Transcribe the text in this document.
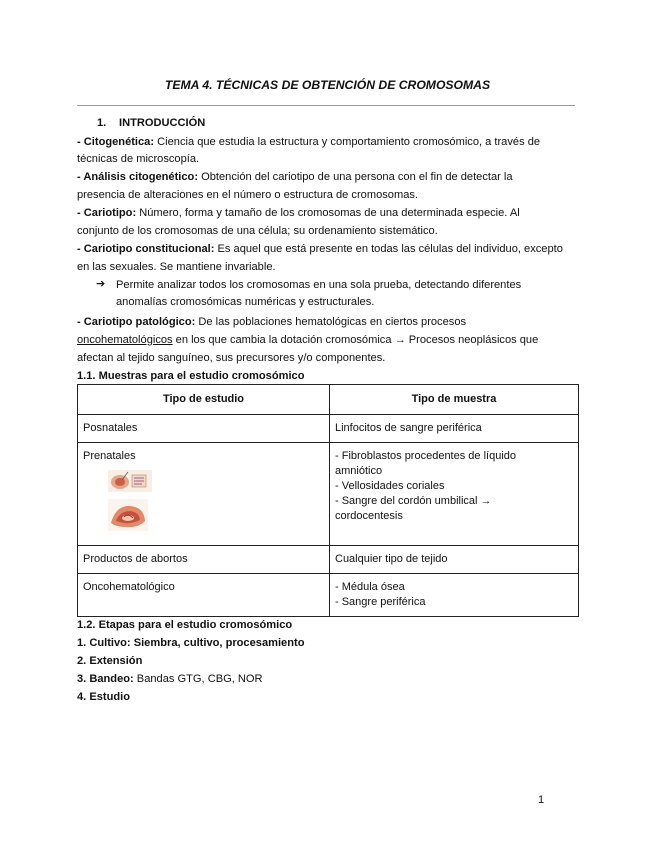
TEMA 4. TÉCNICAS DE OBTENCIÓN DE CROMOSOMAS
1. INTRODUCCIÓN
- Citogenética: Ciencia que estudia la estructura y comportamiento cromosómico, a través de
técnicas de microscopía.
- Análisis citogenético: Obtención del cariotipo de una persona con el fin de detectar la
presencia de alteraciones en el número o estructura de cromosomas.
- Cariotipo: Número, forma y tamaño de los cromosomas de una determinada especie. Al
conjunto de los cromosomas de una célula; su ordenamiento sistemático.
- Cariotipo constitucional: Es aquel que está presente en todas las células del individuo, excepto
en las sexuales. Se mantiene invariable.
➔ Permite analizar todos los cromosomas en una sola prueba, detectando diferentes
anomalías cromosómicas numéricas y estructurales.
- Cariotipo patológico: De las poblaciones hematológicas en ciertos procesos
oncohematológicos en los que cambia la dotación cromosómica → Procesos neoplásicos que
afectan al tejido sanguíneo, sus precursores y/o componentes.
1.1. Muestras para el estudio cromosómico
Tipo de estudio	Tipo de muestra
Posnatales	Linfocitos de sangre periférica

Prenatales	- Fibroblastos procedentes de líquido
amniótico
- Vellosidades coriales
- Sangre del cordón umbilical →
cordocentesis

Productos de abortos	Cualquier tipo de tejido

Oncohematológico	- Médula ósea
- Sangre periférica
1.2. Etapas para el estudio cromosómico
1. Cultivo: Siembra, cultivo, procesamiento
2. Extensión
3. Bandeo: Bandas GTG, CBG, NOR
4. Estudio
1
